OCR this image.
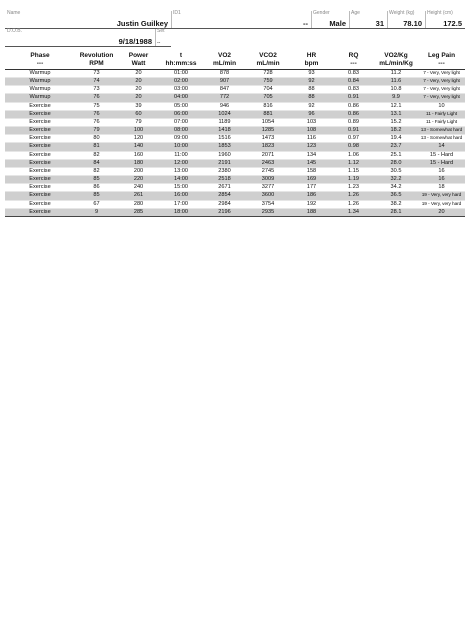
Name
Justin Guilkey
ID1
--
Gender
Male
Age
31
Weight (kg)
78.10
Height (cm)
172.5
D.O.B.
9/18/1988
Set
--
Phase	Revolution	Power	t	VO2	VCO2	HR	RQ	VO2/Kg	Leg Pain
---	RPM	Watt	hh:mm:ss	mL/min	mL/min	bpm	---	mL/min/Kg	---
Warmup	73	20	01:00	878	728	93	0.83	11.2	7 - Very, Very light
Warmup	74	20	02:00	907	759	92	0.84	11.6	7 - Very, Very light
Warmup	73	20	03:00	847	704	88	0.83	10.8	7 - Very, Very light
Warmup	76	20	04:00	772	705	88	0.91	9.9	7 - Very, Very light
Exercise	75	39	05:00	946	816	92	0.86	12.1	10
Exercise	76	60	06:00	1024	881	96	0.86	13.1	11 - Fairly Light
Exercise	76	79	07:00	1189	1054	103	0.89	15.2	11 - Fairly Light
Exercise	79	100	08:00	1418	1285	108	0.91	18.2	13 - Somewhat hard
Exercise	80	120	09:00	1516	1473	116	0.97	19.4	13 - Somewhat hard
Exercise	81	140	10:00	1853	1823	123	0.98	23.7	14
Exercise	82	160	11:00	1960	2071	134	1.06	25.1	15 - Hard
Exercise	84	180	12:00	2191	2463	145	1.12	28.0	15 - Hard
Exercise	82	200	13:00	2380	2745	158	1.15	30.5	16
Exercise	85	220	14:00	2518	3009	169	1.19	32.2	16
Exercise	86	240	15:00	2671	3277	177	1.23	34.2	18
Exercise	85	261	16:00	2854	3600	186	1.26	36.5	19 - Very, very hard
Exercise	67	280	17:00	2984	3754	192	1.26	38.2	19 - Very, very hard
Exercise	9	285	18:00	2196	2935	188	1.34	28.1	20
